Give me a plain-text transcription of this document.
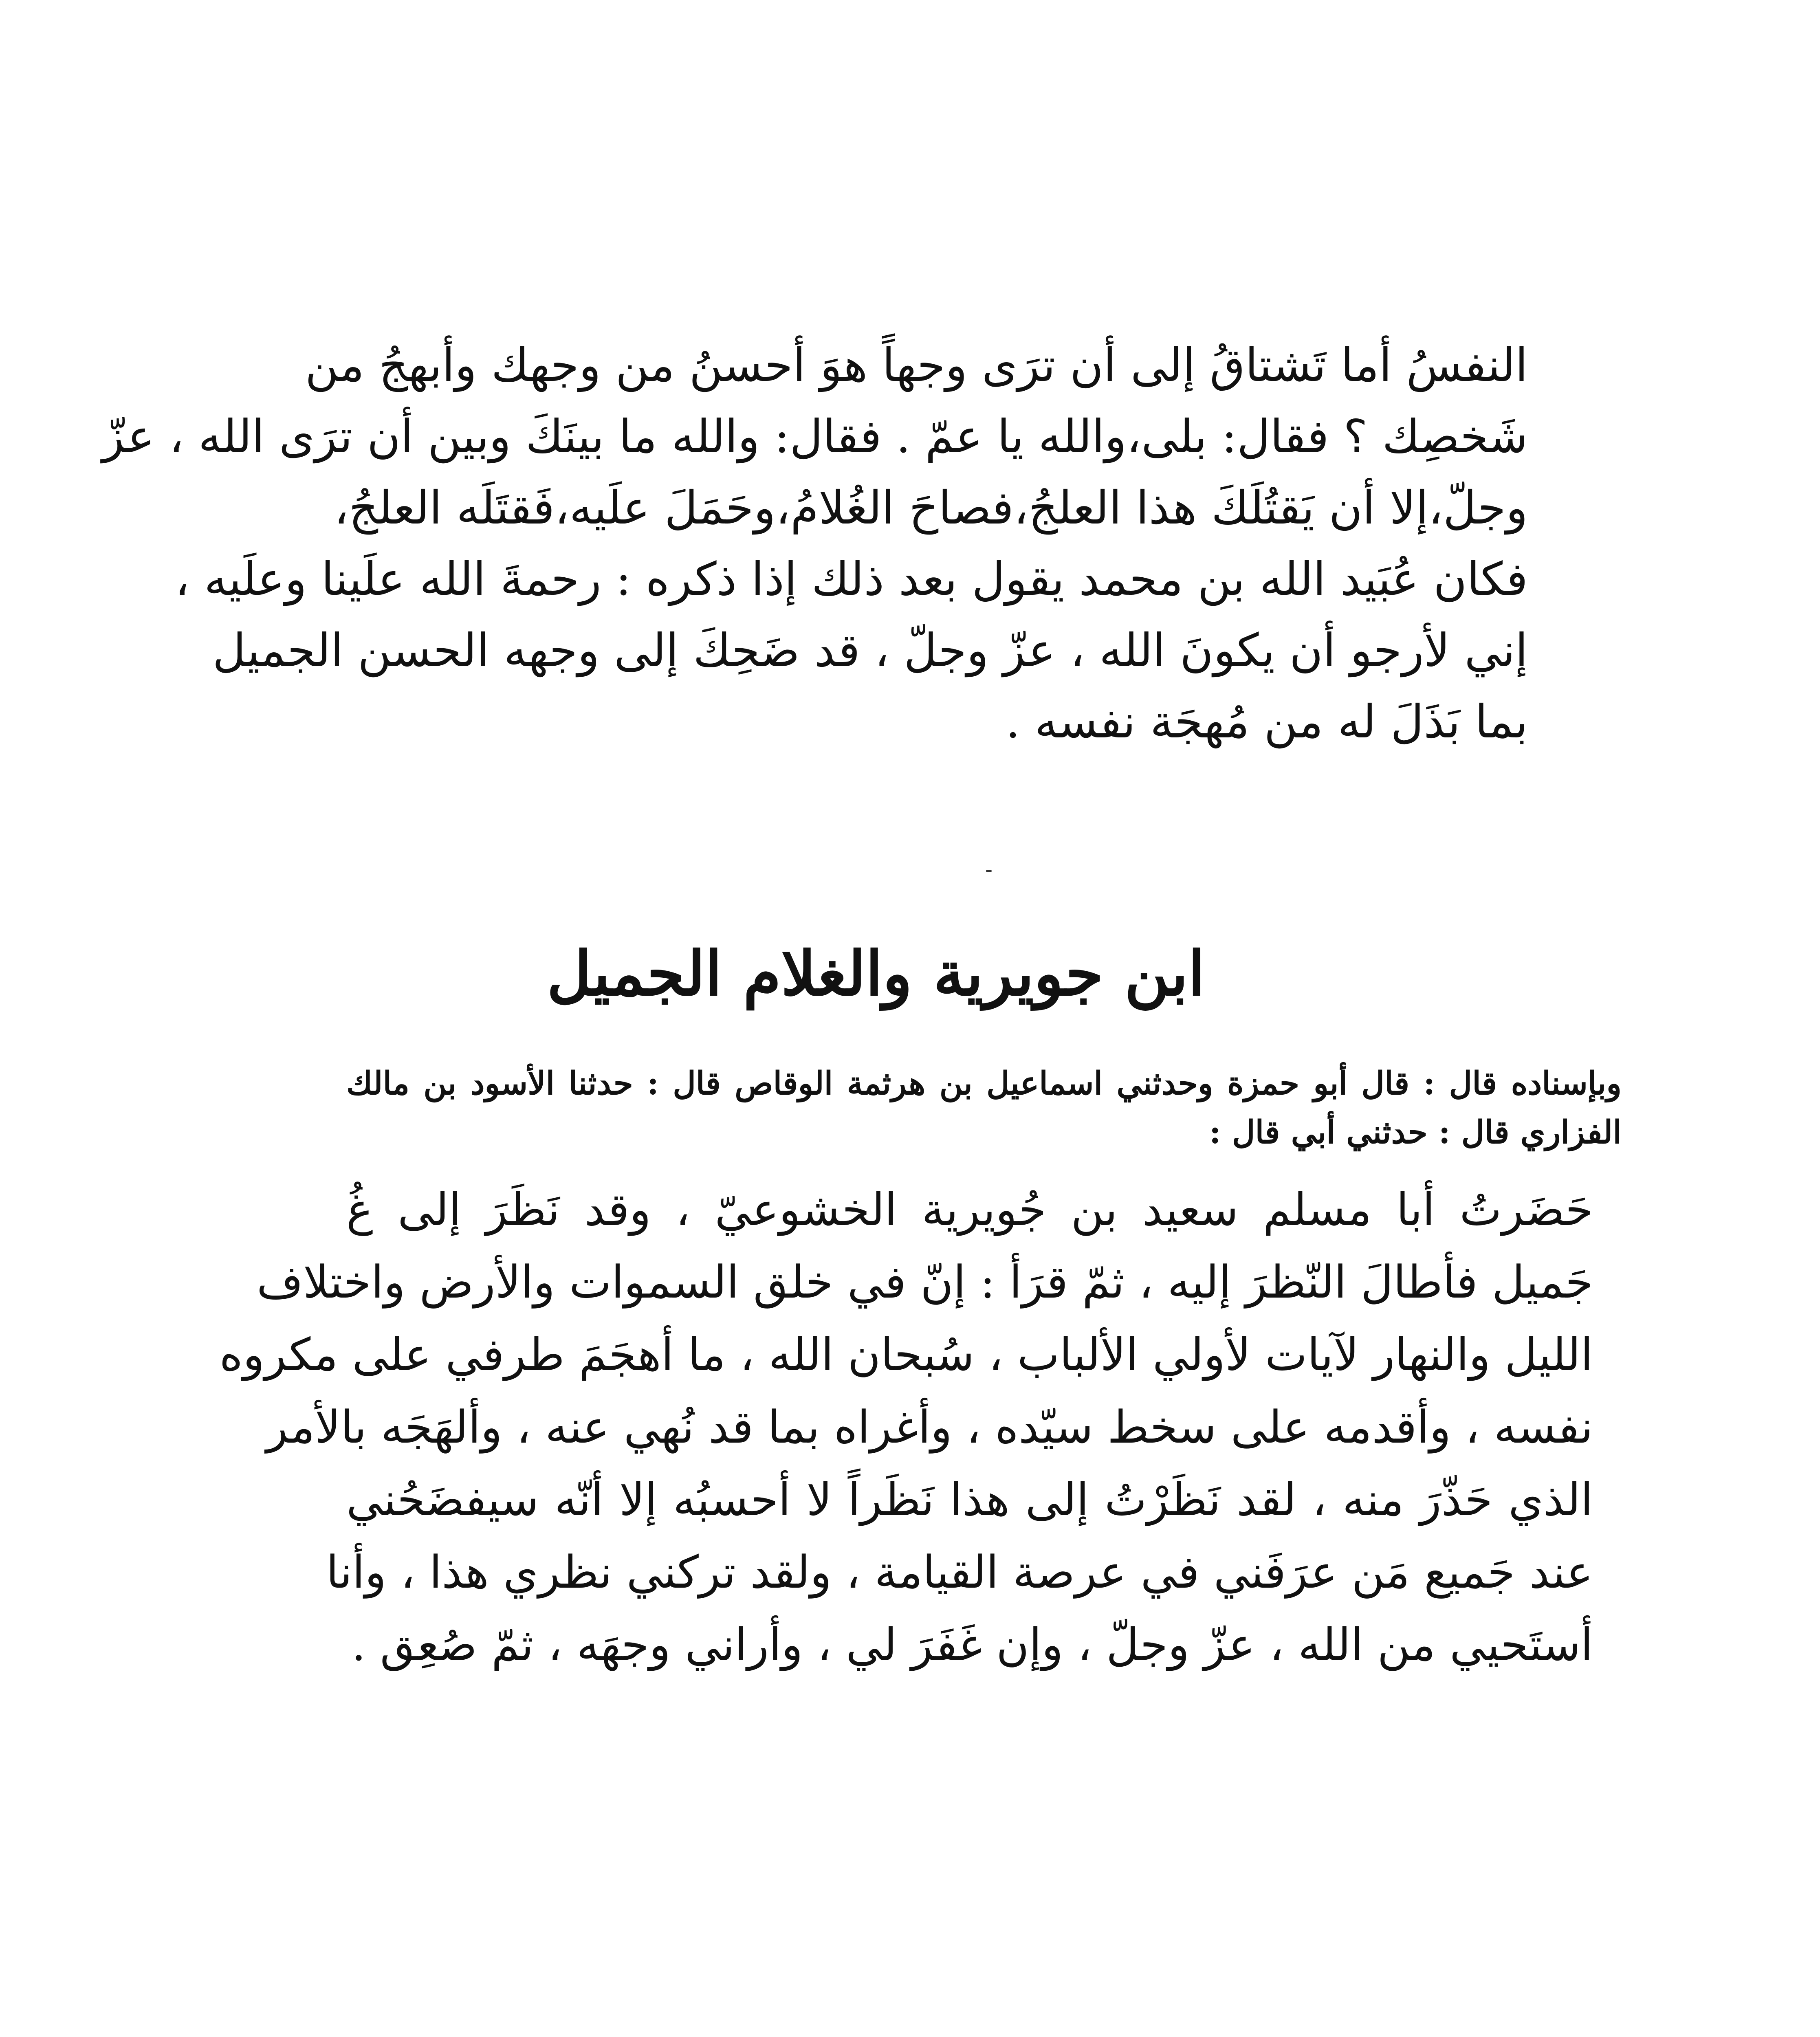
النفسُ أما تَشتاقُ إلى أن ترَى وجهاً هوَ أحسنُ من وجهك وأبهجُ من
شَخصِك ؟ فقال: بلى،والله يا عمّ . فقال: والله ما بينَكَ وبين أن ترَى الله ، عزّ
وجلّ،إلا أن يَقتُلَكَ هذا العلجُ،فصاحَ الغُلامُ،وحَمَلَ علَيه،فَقتَلَه العلجُ،
فكان عُبَيد الله بن محمد يقول بعد ذلك إذا ذكره : رحمةَ الله علَينا وعلَيه ،
إني لأرجو أن يكونَ الله ، عزّ وجلّ ، قد ضَحِكَ إلى وجهه الحسن الجميل
بما بَذَلَ له من مُهجَة نفسه .
ابن جويرية والغلام الجميل
وبإسناده قال : قال أبو حمزة وحدثني اسماعيل بن هرثمة الوقاص قال : حدثنا الأسود بن مالك
الفزاري قال : حدثني أبي قال :
حَضَرتُ أبا مسلم سعيد بن جُويرية الخشوعيّ ، وقد نَظَرَ إلى غُ
جَميل فأطالَ النّظرَ إليه ، ثمّ قرَأ : إنّ في خلق السموات والأرض واختلاف
الليل والنهار لآيات لأولي الألباب ، سُبحان الله ، ما أهجَمَ طرفي على مكروه
نفسه ، وأقدمه على سخط سيّده ، وأغراه بما قد نُهي عنه ، وألهَجَه بالأمر
الذي حَذّرَ منه ، لقد نَظَرْتُ إلى هذا نَظَراً لا أحسبُه إلا أنّه سيفضَحُني
عند جَميع مَن عرَفَني في عرصة القيامة ، ولقد تركني نظري هذا ، وأنا
أستَحيي من الله ، عزّ وجلّ ، وإن غَفَرَ لي ، وأراني وجهَه ، ثمّ صُعِق .
